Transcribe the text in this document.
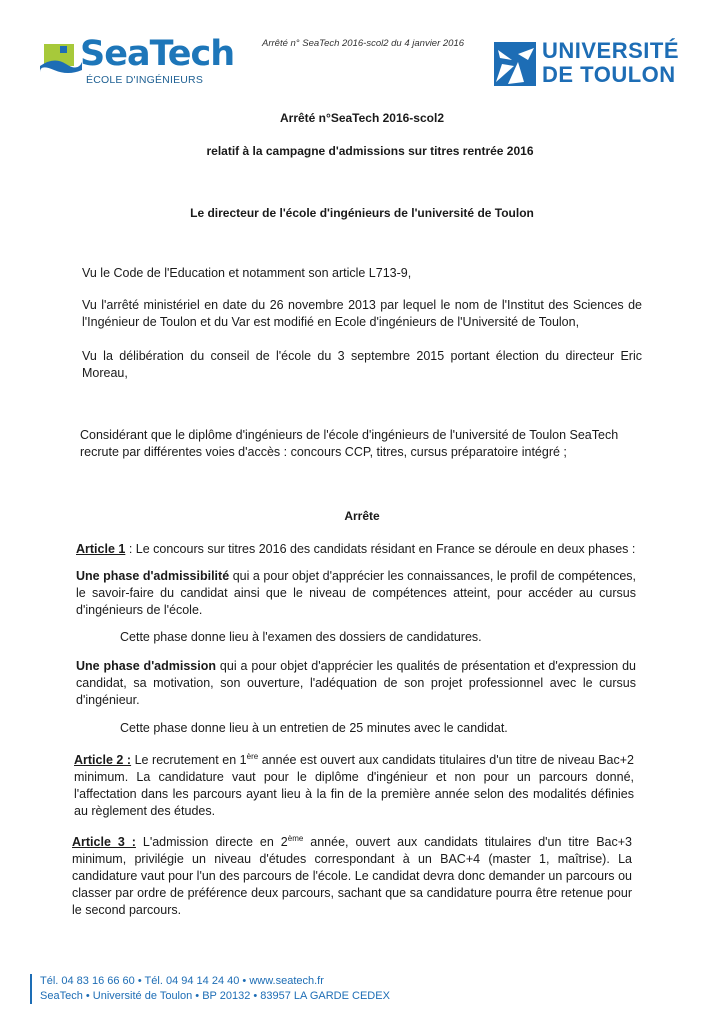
SeaTech
ÉCOLE D'INGÉNIEURS
Arrêté n° SeaTech 2016-scol2 du 4 janvier 2016	UNIVERSITÉ
DE TOULON
Arrêté n°SeaTech 2016-scol2
relatif à la campagne d'admissions sur titres rentrée 2016
Le directeur de l'école d'ingénieurs de l'université de Toulon
Vu le Code de l'Education et notamment son article L713-9,
Vu l'arrêté ministériel en date du 26 novembre 2013 par lequel le nom de l'Institut des Sciences de l'Ingénieur de Toulon et du Var est modifié en Ecole d'ingénieurs de l'Université de Toulon,
Vu la délibération du conseil de l'école du 3 septembre 2015 portant élection du directeur Eric Moreau,
Considérant que le diplôme d'ingénieurs de l'école d'ingénieurs de l'université de Toulon SeaTech recrute par différentes voies d'accès : concours CCP, titres, cursus préparatoire intégré ;
Arrête
Article 1 : Le concours sur titres 2016 des candidats résidant en France se déroule en deux phases :
Une phase d'admissibilité qui a pour objet d'apprécier les connaissances, le profil de compétences, le savoir-faire du candidat ainsi que le niveau de compétences atteint, pour accéder au cursus d'ingénieurs de l'école.
Cette phase donne lieu à l'examen des dossiers de candidatures.
Une phase d'admission qui a pour objet d'apprécier les qualités de présentation et d'expression du candidat, sa motivation, son ouverture, l'adéquation de son projet professionnel avec le cursus d'ingénieur.
Cette phase donne lieu à un entretien de 25 minutes avec le candidat.
Article 2 : Le recrutement en 1ère année est ouvert aux candidats titulaires d'un titre de niveau Bac+2 minimum. La candidature vaut pour le diplôme d'ingénieur et non pour un parcours donné, l'affectation dans les parcours ayant lieu à la fin de la première année selon des modalités définies au règlement des études.
Article 3 : L'admission directe en 2ème année, ouvert aux candidats titulaires d'un titre Bac+3 minimum, privilégie un niveau d'études correspondant à un BAC+4 (master 1, maîtrise). La candidature vaut pour l'un des parcours de l'école. Le candidat devra donc demander un parcours ou classer par ordre de préférence deux parcours, sachant que sa candidature pourra être retenue pour le second parcours.
Tél. 04 83 16 66 60 • Tél. 04 94 14 24 40 • www.seatech.fr
SeaTech • Université de Toulon • BP 20132 • 83957 LA GARDE CEDEX
